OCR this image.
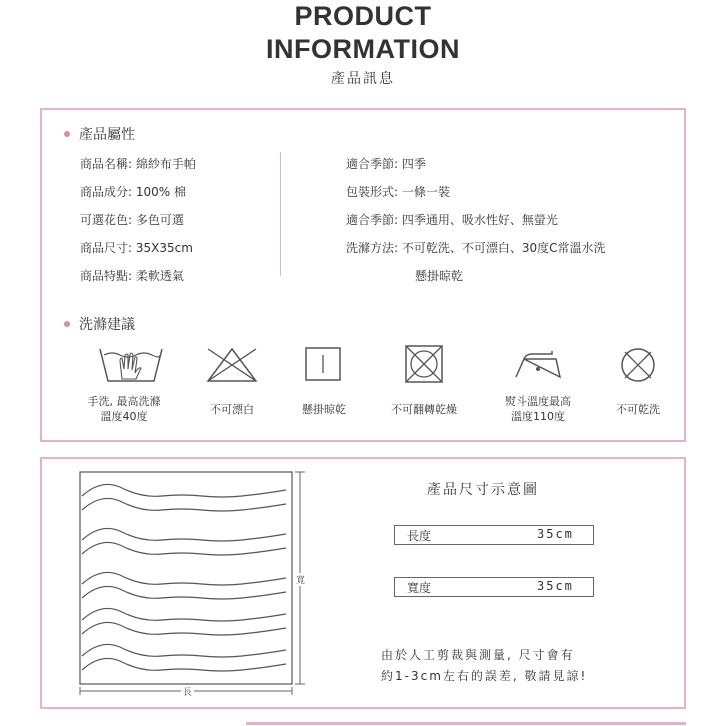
PRODUCT
INFORMATION
產品訊息
產品屬性
商品名稱: 綿紗布手帕
商品成分: 100% 棉
可選花色: 多色可選
商品尺寸: 35X35cm
商品特點: 柔軟透氣
適合季節: 四季
包裝形式: 一條一裝
適合季節: 四季通用、吸水性好、無螢光
洗滌方法: 不可乾洗、不可漂白、30度C常溫水洗
懸掛晾乾
洗滌建議
手洗, 最高洗滌
溫度40度
不可漂白	懸掛晾乾	不可翻轉乾燥
熨斗溫度最高
溫度110度
不可乾洗
寬
長
產品尺寸示意圖
長度	35cm
寬度	35cm
由於人工剪裁與測量, 尺寸會有
約1-3cm左右的誤差, 敬請見諒!
